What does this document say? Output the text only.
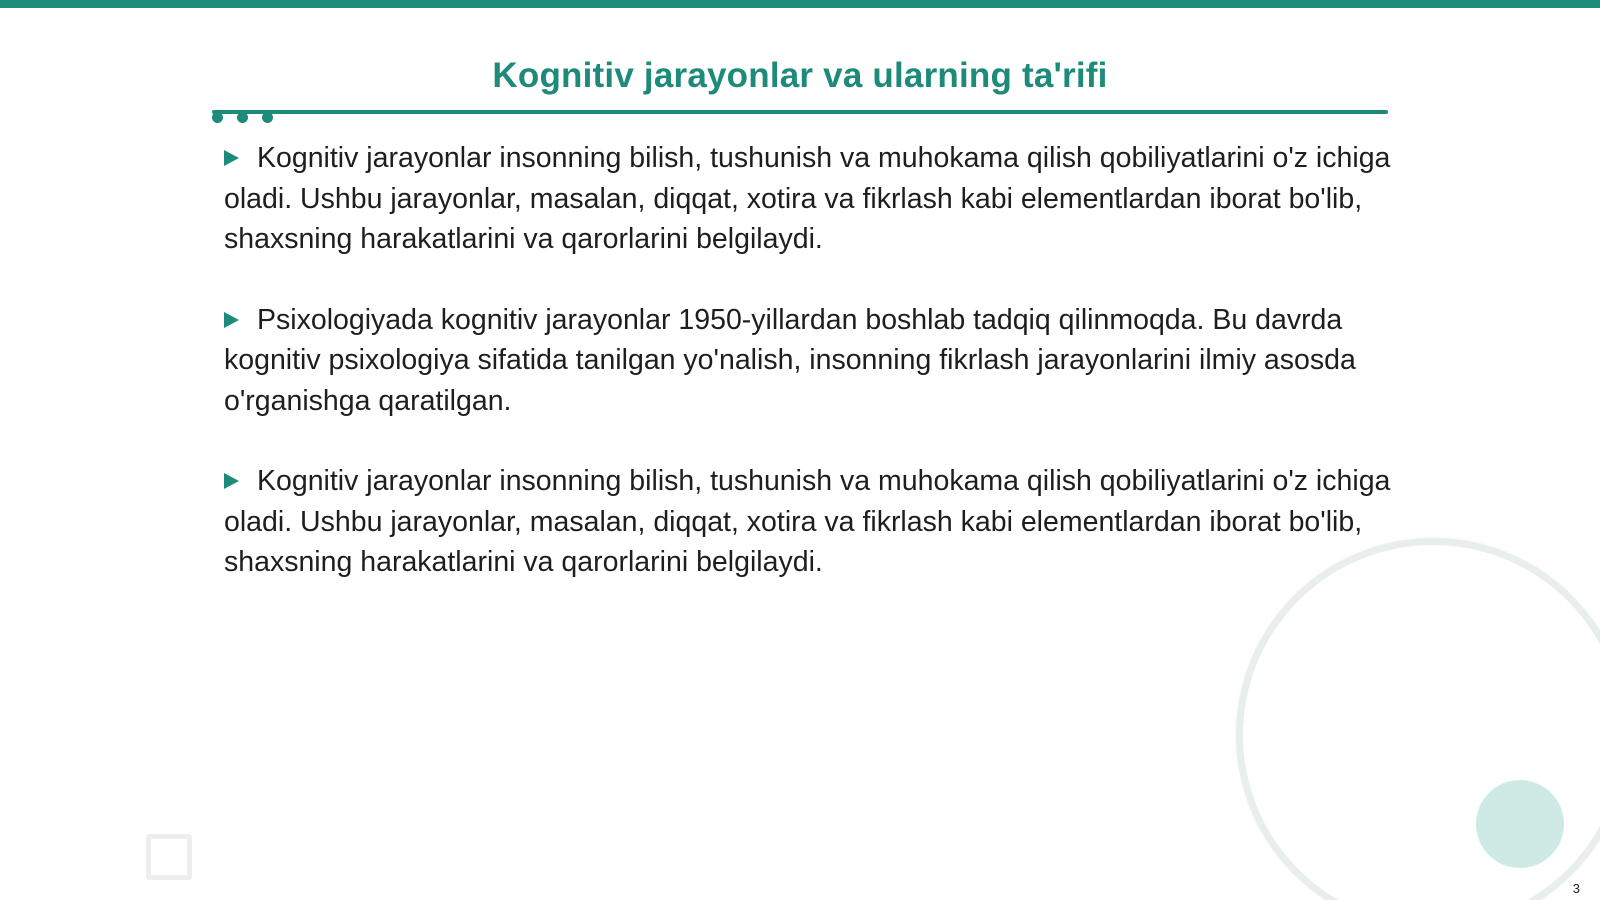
Kognitiv jarayonlar va ularning ta'rifi

Kognitiv jarayonlar insonning bilish, tushunish va muhokama qilish qobiliyatlarini o'z ichiga oladi. Ushbu jarayonlar, masalan, diqqat, xotira va fikrlash kabi elementlardan iborat bo'lib, shaxsning harakatlarini va qarorlarini belgilaydi.

Psixologiyada kognitiv jarayonlar 1950-yillardan boshlab tadqiq qilinmoqda. Bu davrda kognitiv psixologiya sifatida tanilgan yo'nalish, insonning fikrlash jarayonlarini ilmiy asosda o'rganishga qaratilgan.

Kognitiv jarayonlar insonning bilish, tushunish va muhokama qilish qobiliyatlarini o'z ichiga oladi. Ushbu jarayonlar, masalan, diqqat, xotira va fikrlash kabi elementlardan iborat bo'lib, shaxsning harakatlarini va qarorlarini belgilaydi.

3
